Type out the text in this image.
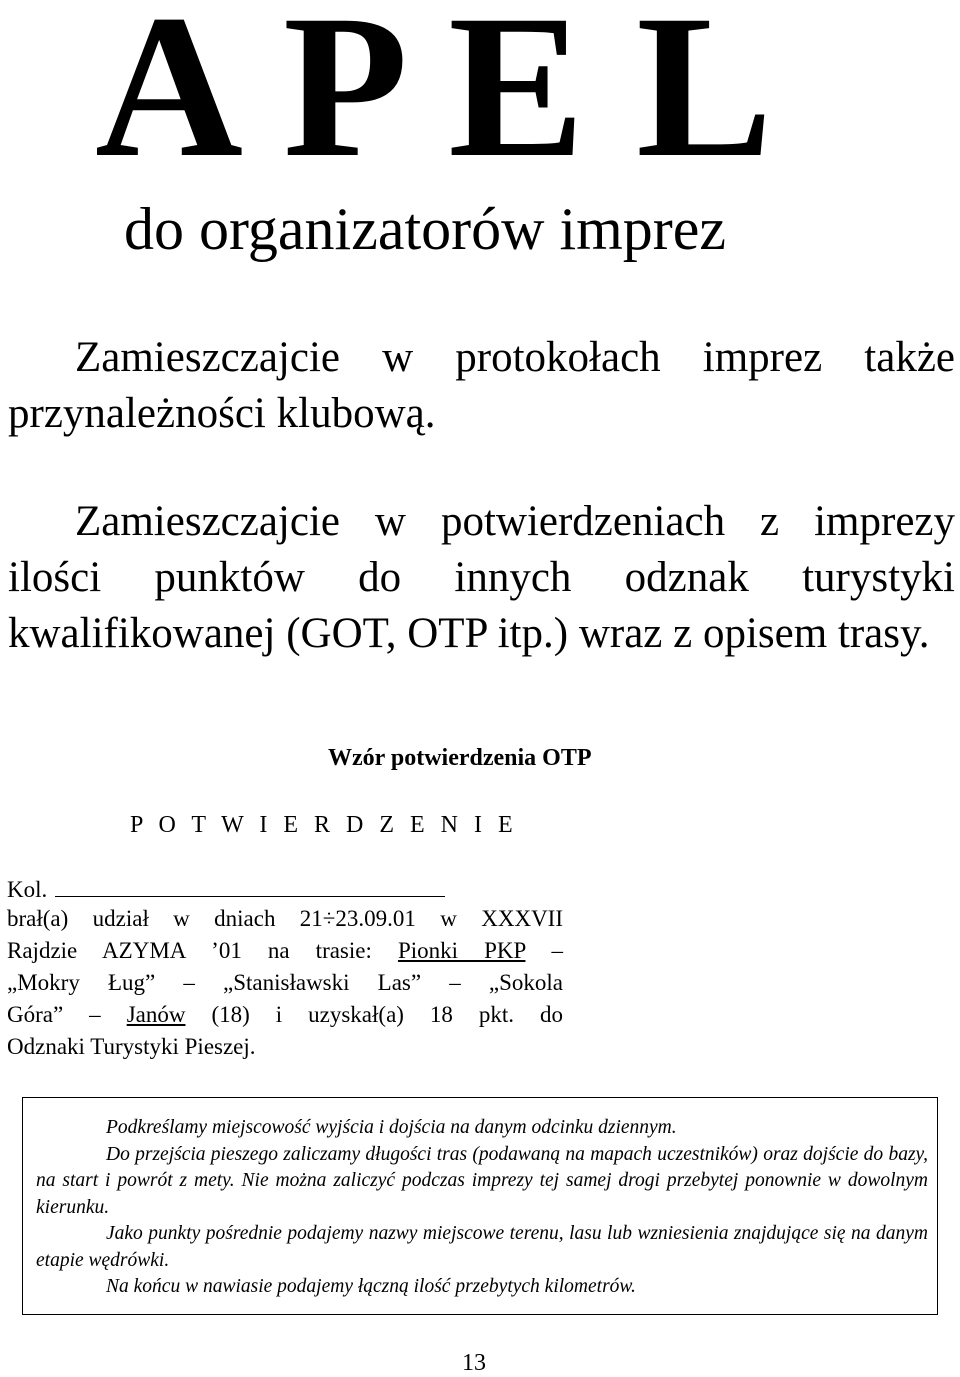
A P E L
do organizatorów imprez

Zamieszczajcie w protokołach imprez także przynależności klubową.

Zamieszczajcie w potwierdzeniach z imprezy ilości punktów do innych odznak turystyki kwalifikowanej (GOT, OTP itp.) wraz z opisem trasy.

Wzór potwierdzenia OTP
P O T W I E R D Z E N I E
Kol.
brał(a) udział w dniach 21÷23.09.01 w XXXVII
Rajdzie AZYMA ’01 na trasie: Pionki PKP –
„Mokry Ług” – „Stanisławski Las” – „Sokola
Góra” – Janów (18) i uzyskał(a) 18 pkt. do
Odznaki Turystyki Pieszej.

Podkreślamy miejscowość wyjścia i dojścia na danym odcinku dziennym.

Do przejścia pieszego zaliczamy długości tras (podawaną na mapach uczestników) oraz dojście do bazy, na start i powrót z mety. Nie można zaliczyć podczas imprezy tej samej drogi przebytej ponownie w dowolnym kierunku.

Jako punkty pośrednie podajemy nazwy miejscowe terenu, lasu lub wzniesienia znajdujące się na danym etapie wędrówki.

Na końcu w nawiasie podajemy łączną ilość przebytych kilometrów.

13
